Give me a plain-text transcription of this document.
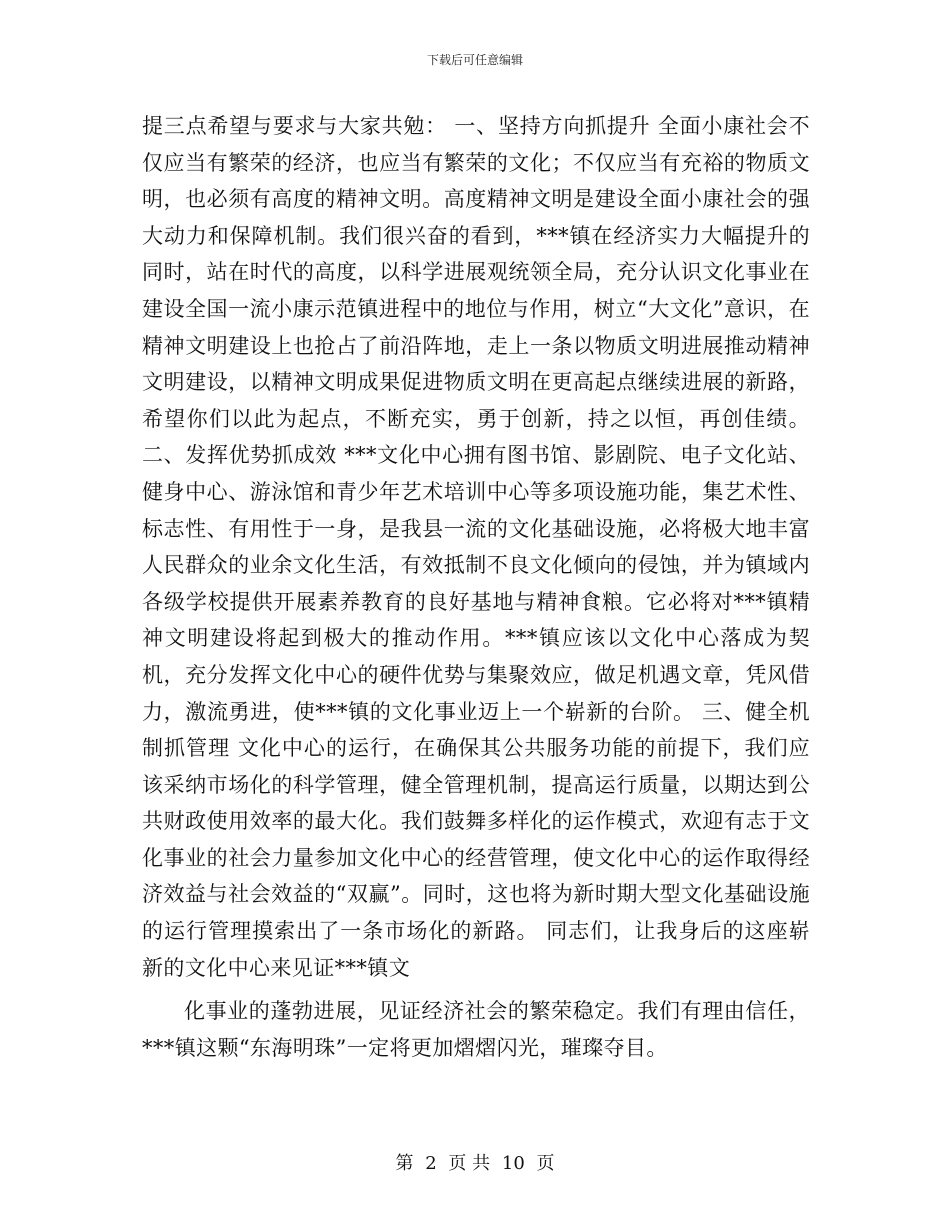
下载后可任意编辑

提三点希望与要求与大家共勉： 一、坚持方向抓提升 全面小康社会不仅应当有繁荣的经济，也应当有繁荣的文化；不仅应当有充裕的物质文明，也必须有高度的精神文明。高度精神文明是建设全面小康社会的强大动力和保障机制。我们很兴奋的看到，***镇在经济实力大幅提升的同时，站在时代的高度，以科学进展观统领全局，充分认识文化事业在建设全国一流小康示范镇进程中的地位与作用，树立“大文化”意识，在精神文明建设上也抢占了前沿阵地，走上一条以物质文明进展推动精神文明建设，以精神文明成果促进物质文明在更高起点继续进展的新路，希望你们以此为起点，不断充实，勇于创新，持之以恒，再创佳绩。 二、发挥优势抓成效 ***文化中心拥有图书馆、影剧院、电子文化站、健身中心、游泳馆和青少年艺术培训中心等多项设施功能，集艺术性、标志性、有用性于一身，是我县一流的文化基础设施，必将极大地丰富人民群众的业余文化生活，有效抵制不良文化倾向的侵蚀，并为镇域内各级学校提供开展素养教育的良好基地与精神食粮。它必将对***镇精神文明建设将起到极大的推动作用。***镇应该以文化中心落成为契机，充分发挥文化中心的硬件优势与集聚效应，做足机遇文章，凭风借力，激流勇进，使***镇的文化事业迈上一个崭新的台阶。 三、健全机制抓管理 文化中心的运行，在确保其公共服务功能的前提下，我们应该采纳市场化的科学管理，健全管理机制，提高运行质量，以期达到公共财政使用效率的最大化。我们鼓舞多样化的运作模式，欢迎有志于文化事业的社会力量参加文化中心的经营管理，使文化中心的运作取得经济效益与社会效益的“双赢”。同时，这也将为新时期大型文化基础设施的运行管理摸索出了一条市场化的新路。 同志们，让我身后的这座崭新的文化中心来见证***镇文

化事业的蓬勃进展，见证经济社会的繁荣稳定。我们有理由信任，***镇这颗“东海明珠”一定将更加熠熠闪光，璀璨夺目。

第 2 页 共 10 页
